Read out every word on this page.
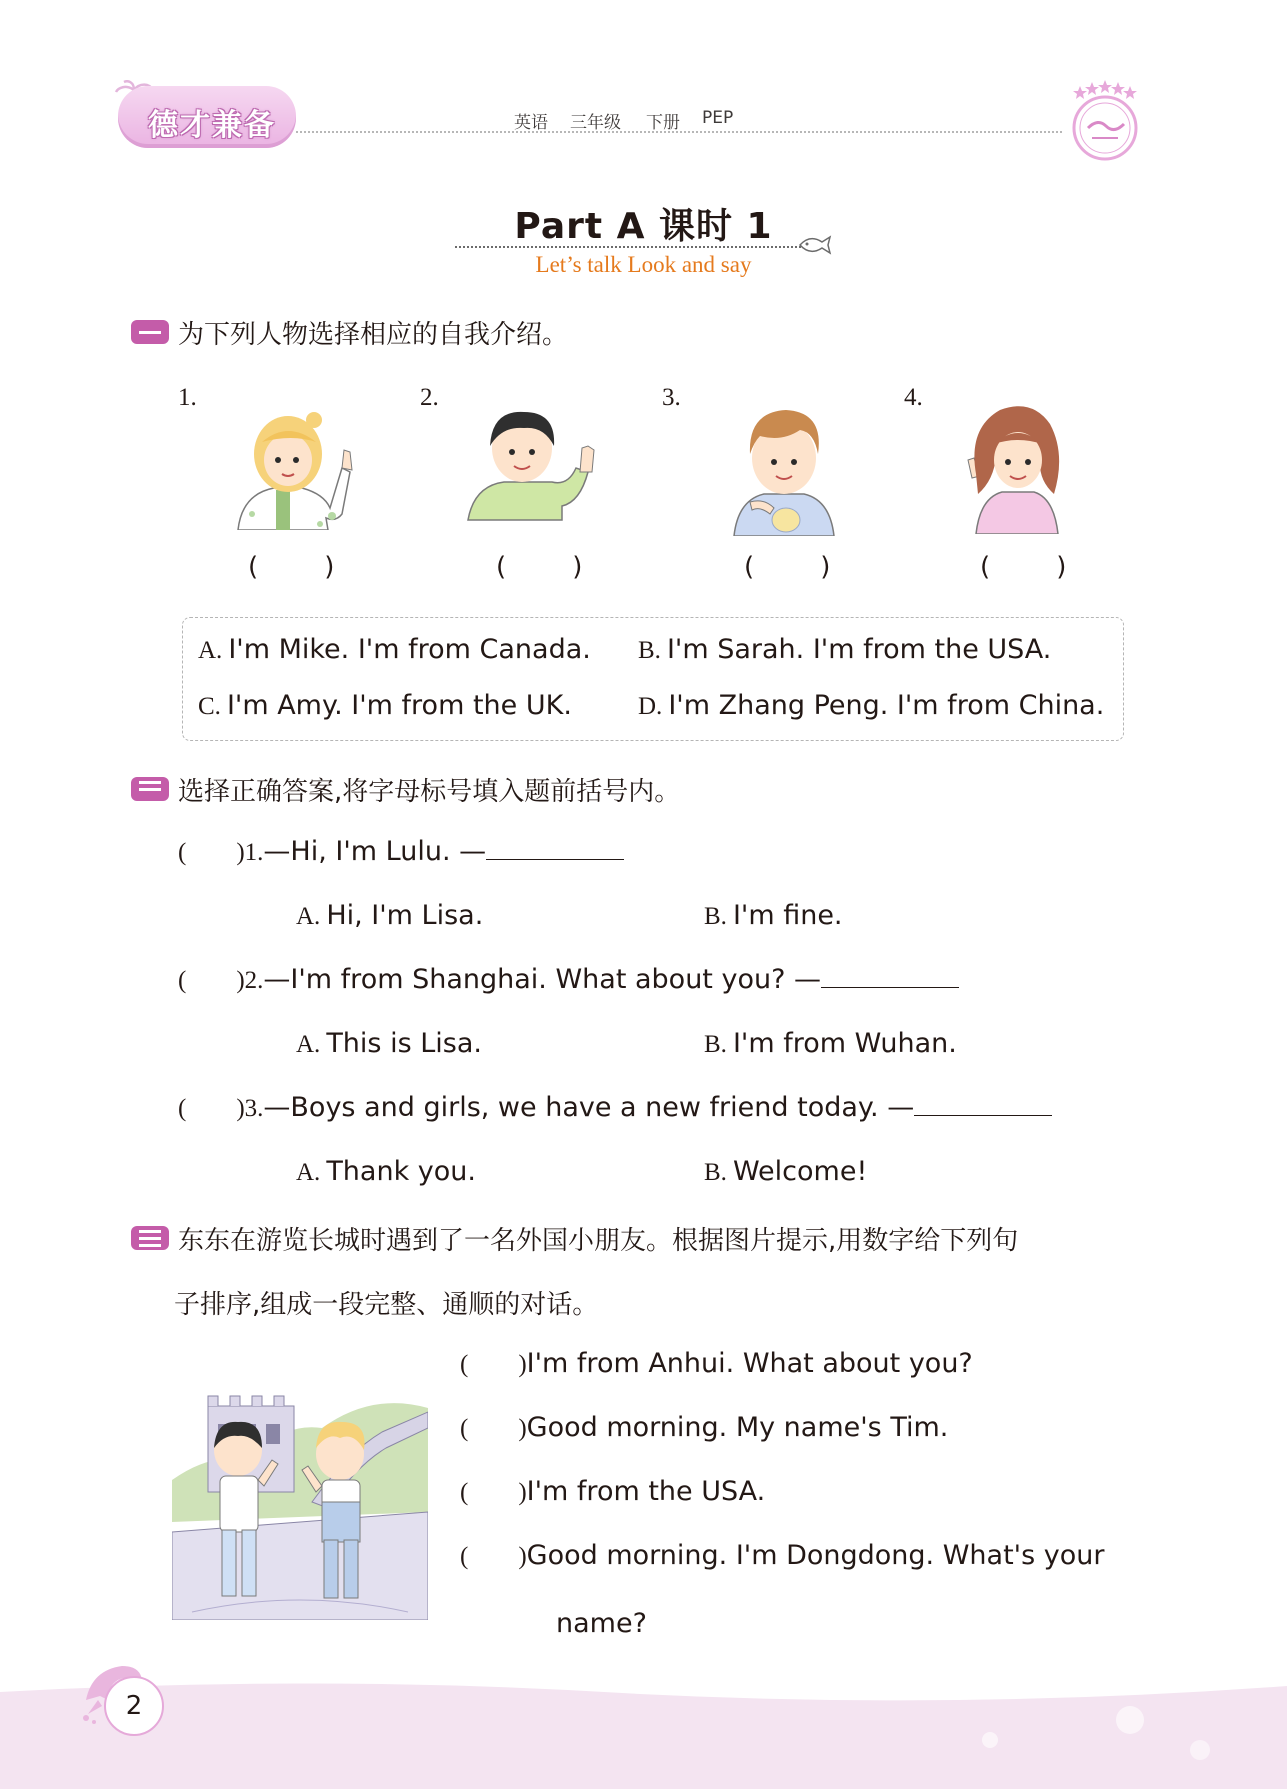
德才兼备	英语 三年级 下册 PEP
Part A 课时 1
Let’s talk Look and say
为下列人物选择相应的自我介绍。
1.	2.	3.	4.
(        )	(        )	(        )	(        )
A. I'm Mike. I'm from Canada. B. I'm Sarah. I'm from the USA.
C. I'm Amy. I'm from the UK.	D. I'm Zhang Peng. I'm from China.
选择正确答案,将字母标号填入题前括号内。
(        )1.—Hi, I'm Lulu. —
A. Hi, I'm Lisa.	B. I'm fine.
(        )2.—I'm from Shanghai. What about you? —
A. This is Lisa.	B. I'm from Wuhan.
(        )3.—Boys and girls, we have a new friend today. —
A. Thank you.	B. Welcome!
东东在游览长城时遇到了一名外国小朋友。根据图片提示,用数字给下列句
子排序,组成一段完整、通顺的对话。
(        )I'm from Anhui. What about you?
(        )Good morning. My name's Tim.
(        )I'm from the USA.
(        )Good morning. I'm Dongdong. What's your
name?
2
